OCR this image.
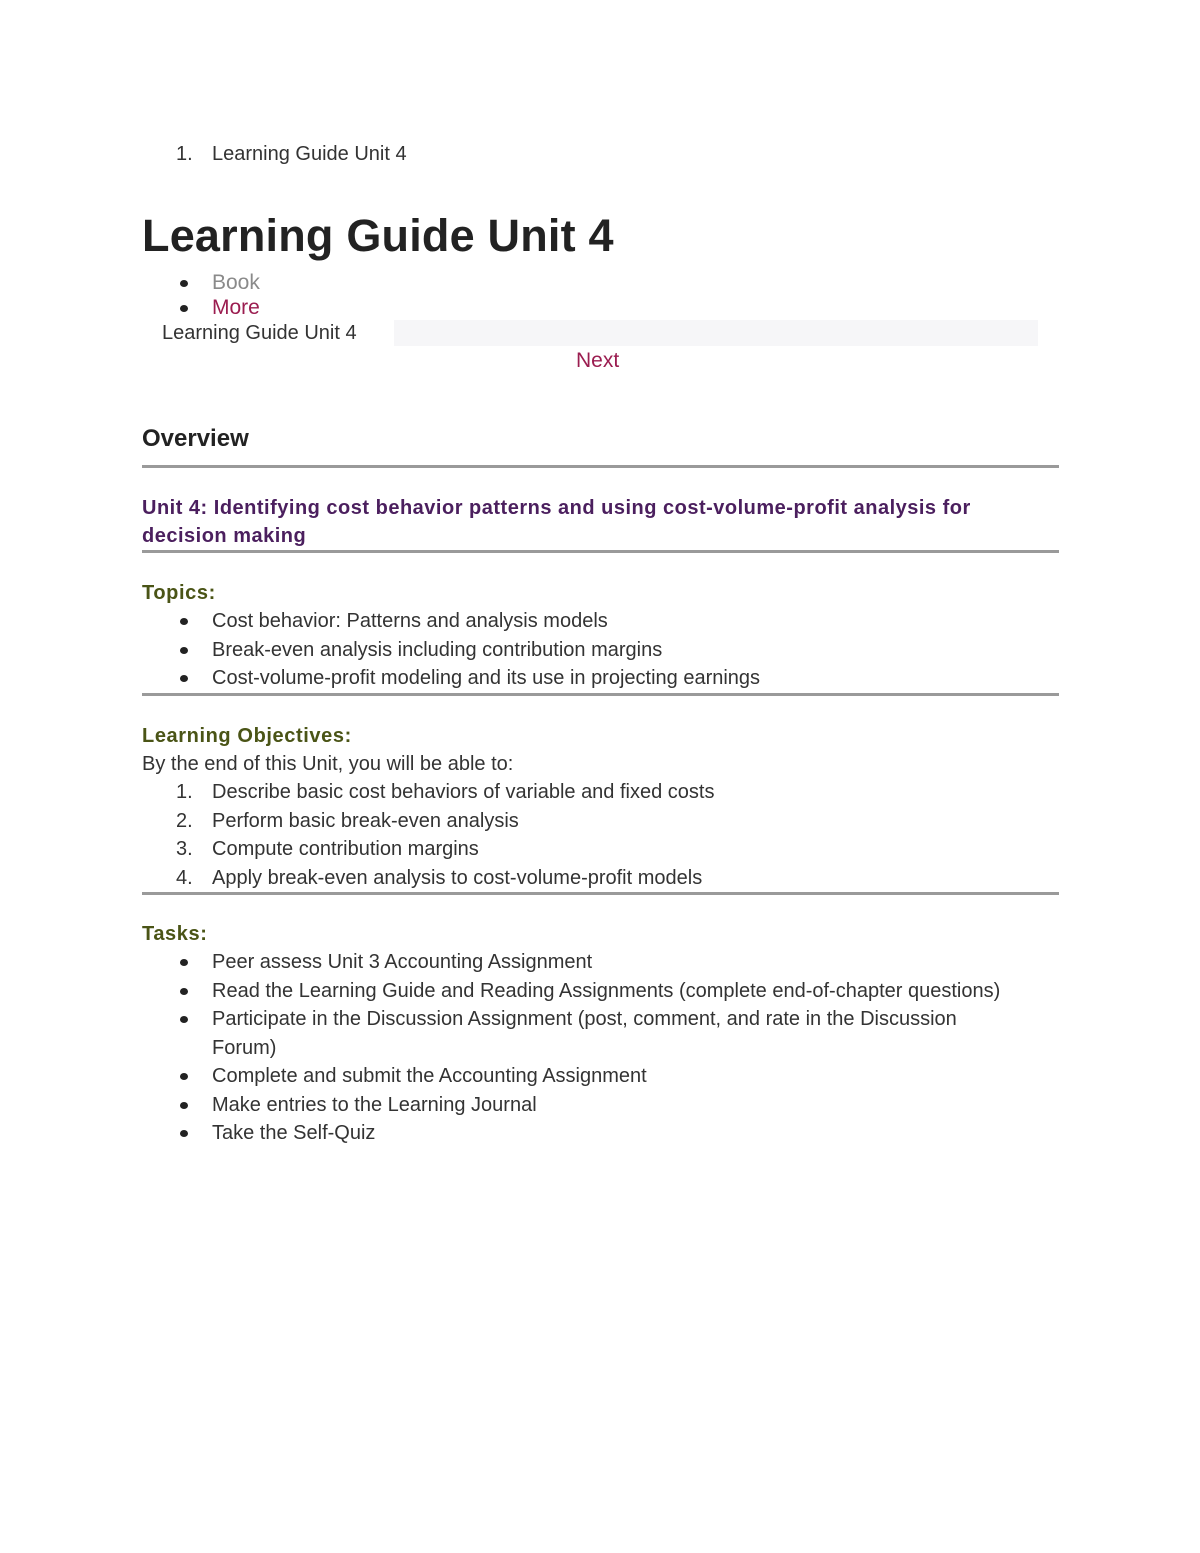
1. Learning Guide Unit 4
Learning Guide Unit 4
Book
More
Learning Guide Unit 4
Next
Overview
Unit 4: Identifying cost behavior patterns and using cost-volume-profit analysis for decision making
Topics:
Cost behavior: Patterns and analysis models
Break-even analysis including contribution margins
Cost-volume-profit modeling and its use in projecting earnings
Learning Objectives:

By the end of this Unit, you will be able to:

1. Describe basic cost behaviors of variable and fixed costs
2. Perform basic break-even analysis
3. Compute contribution margins
4. Apply break-even analysis to cost-volume-profit models
Tasks:
Peer assess Unit 3 Accounting Assignment
Read the Learning Guide and Reading Assignments (complete end-of-chapter questions)
Participate in the Discussion Assignment (post, comment, and rate in the Discussion Forum)
Complete and submit the Accounting Assignment
Make entries to the Learning Journal
Take the Self-Quiz
